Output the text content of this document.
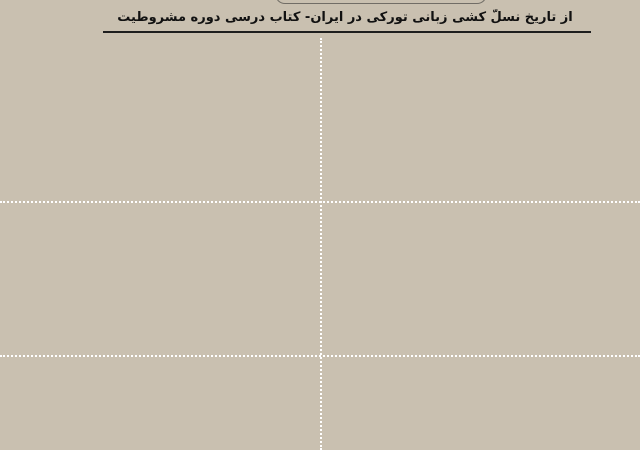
از تاریخ نسلّ کشی زبانی تورکی در ایران- کتاب درسی دوره مشروطیت
